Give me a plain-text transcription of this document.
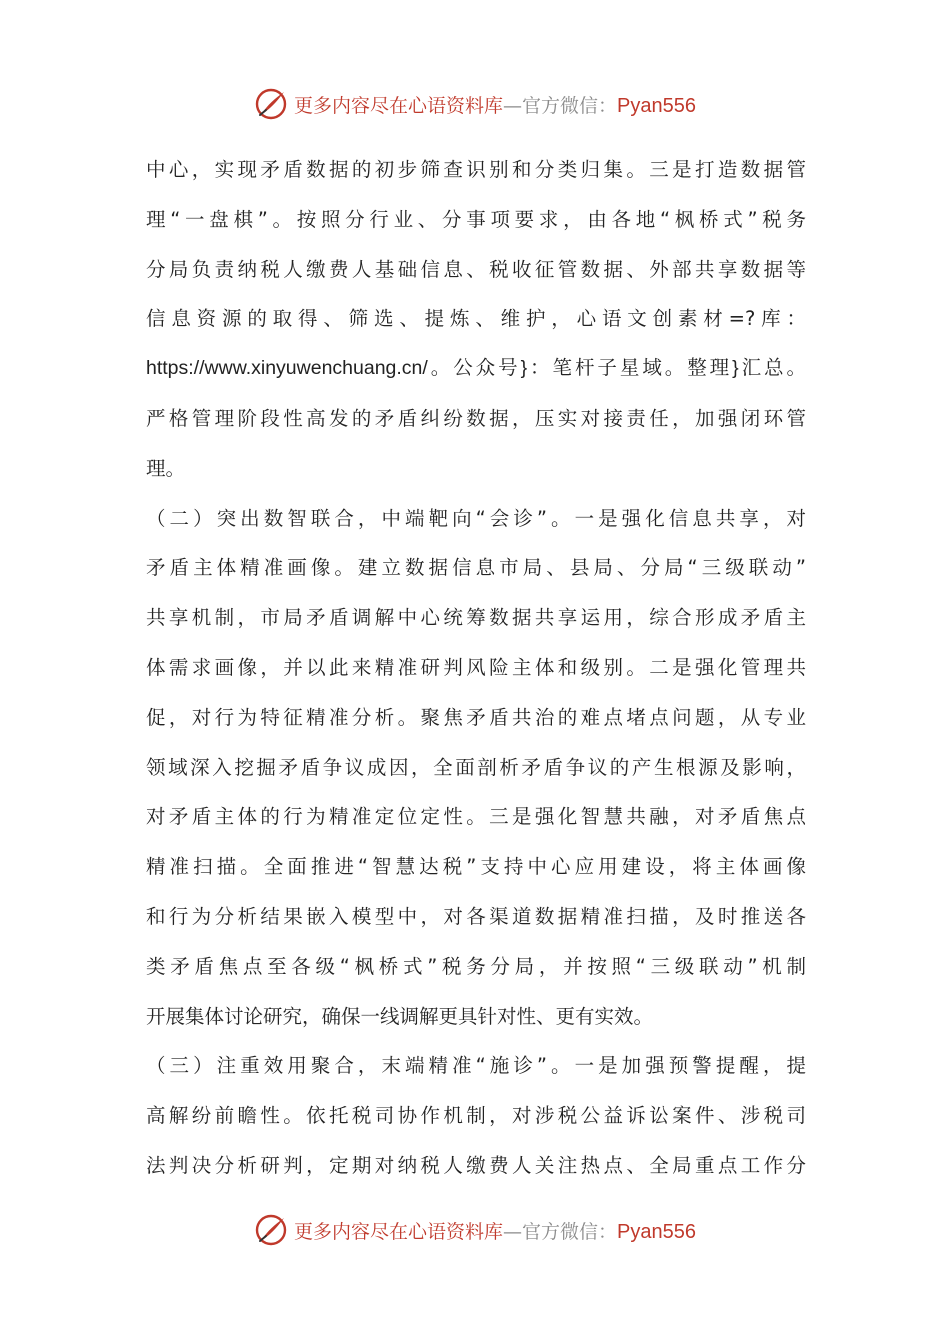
更多内容尽在心语资料库—官方微信：Pyan556
中心，实现矛盾数据的初步筛查识别和分类归集。三是打造数据管
理“一盘棋”。按照分行业、分事项要求，由各地“枫桥式”税务
分局负责纳税人缴费人基础信息、税收征管数据、外部共享数据等
信息资源的取得、筛选、提炼、维护，心语文创素材=?库：
https://www.xinyuwenchuang.cn/。公众号}：笔杆子星域。整理}汇总。
严格管理阶段性高发的矛盾纠纷数据，压实对接责任，加强闭环管
理。
（二）突出数智联合，中端靶向“会诊”。一是强化信息共享，对
矛盾主体精准画像。建立数据信息市局、县局、分局“三级联动”
共享机制，市局矛盾调解中心统筹数据共享运用，综合形成矛盾主
体需求画像，并以此来精准研判风险主体和级别。二是强化管理共
促，对行为特征精准分析。聚焦矛盾共治的难点堵点问题，从专业
领域深入挖掘矛盾争议成因，全面剖析矛盾争议的产生根源及影响，
对矛盾主体的行为精准定位定性。三是强化智慧共融，对矛盾焦点
精准扫描。全面推进“智慧达税”支持中心应用建设，将主体画像
和行为分析结果嵌入模型中，对各渠道数据精准扫描，及时推送各
类矛盾焦点至各级“枫桥式”税务分局，并按照“三级联动”机制
开展集体讨论研究，确保一线调解更具针对性、更有实效。
（三）注重效用聚合，末端精准“施诊”。一是加强预警提醒，提
高解纷前瞻性。依托税司协作机制，对涉税公益诉讼案件、涉税司
法判决分析研判，定期对纳税人缴费人关注热点、全局重点工作分
更多内容尽在心语资料库—官方微信：Pyan556
